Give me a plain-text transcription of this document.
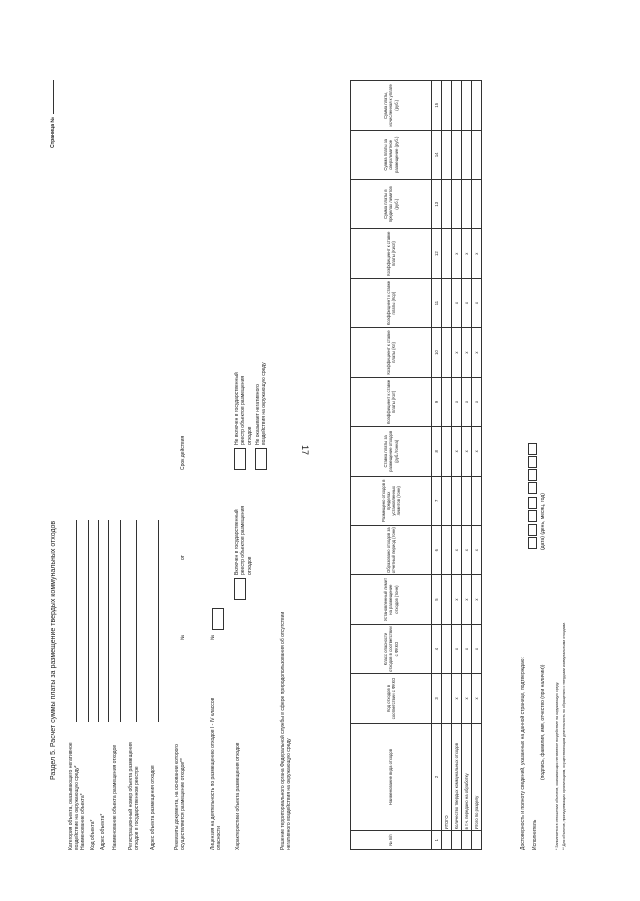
17
Раздел 5. Расчет суммы платы за размещение твердых коммунальных отходов
Страница №
Категория объекта, оказывающего негативное воздействие на окружающую среду* Наименование объекта* Код объекта* Адрес объекта*	Наименование объекта размещения отходов	Регистрационный номер объекта размещения отходов в государственном реестре Адрес объекта размещения отходов	Реквизиты документа, на основании которого осуществляется размещение отходов**
№
от
Срок действия
Лицензия на деятельность по размещению отходов I - IV классов опасности
№
Характеристики объекта размещения отходов
Включен в государственный реестр объектов размещения отходов
Не включен в государственный реестр объектов размещения отходов Не оказывает негативного воздействия на окружающую среду
Решение территориального органа Федеральной службы в сфере природопользования об отсутствии негативного воздействия на окружающую среду	№ п/п	Наименование вида отходов	Код отходов в соответствии с ФККО	Класс опасности отходов в соответствии с ФККО	Установленный лимит на размещение отходов (тонн)	Образовано отходов за отчетный период (тонн)	Размещено отходов в пределах установленных лимитов (тонн)	Ставка платы за размещение отходов (руб./тонна)	Коэффициент к ставке платы (Кот)	Коэффициент к ставке платы (Кл)	Коэффициент к ставке платы (Кср)	Коэффициент к ставке платы (Кисп)	Сумма платы в пределах лимитов (руб.)	Сумма платы за сверхлимитное размещение (руб.)	Сумма платы, исчисленная к уплате (руб.)
1	2	3	4	5	6	7	8	9	10	11	12	13	14	15
	ИТОГО													
	Количество твердых коммунальных отходов	х	х	х	х		х	х	х	х	х			
	в т.ч. передано на обработку	х	х	х	х		х	х	х	х	х			
	Итого по разделу	х	х	х	х		х	х	х	х	х			
Достоверность и полноту сведений, указанных на данной странице, подтверждаю: Исполнитель
(подпись, фамилия, имя, отчество (при наличии))

(дата) (день, месяц, год)
* Заполняется в отношении объектов, оказывающих негативное воздействие на окружающую среду. ** Для объектов, принадлежащих организациям, осуществляющим деятельность по обращению с твердыми коммунальными отходами.
